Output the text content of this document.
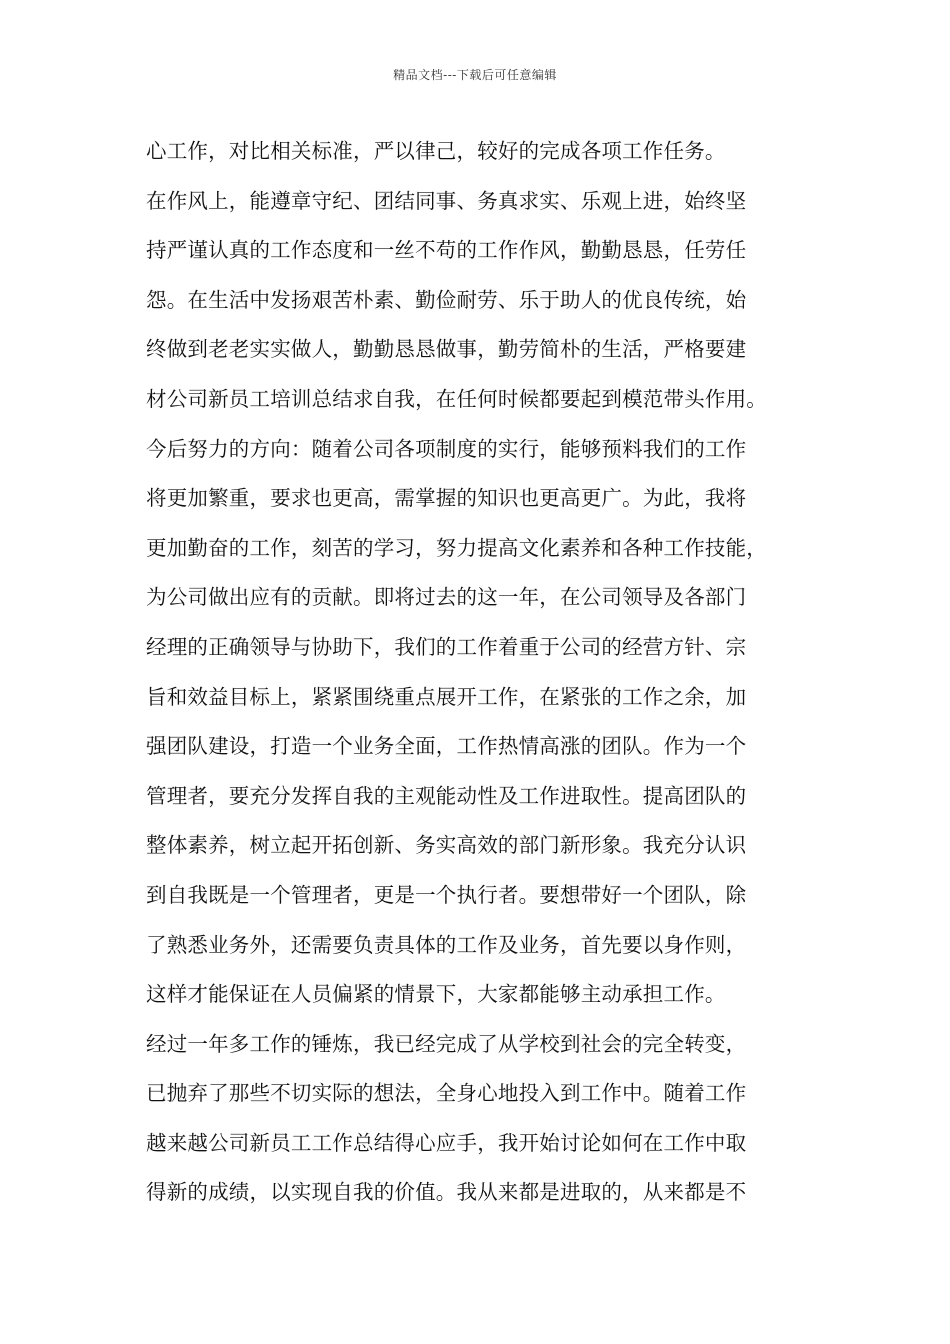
精品文档---下载后可任意编辑
心工作，对比相关标准，严以律己，较好的完成各项工作任务。
在作风上，能遵章守纪、团结同事、务真求实、乐观上进，始终坚
持严谨认真的工作态度和一丝不苟的工作作风，勤勤恳恳，任劳任
怨。在生活中发扬艰苦朴素、勤俭耐劳、乐于助人的优良传统，始
终做到老老实实做人，勤勤恳恳做事，勤劳简朴的生活，严格要建
材公司新员工培训总结求自我，在任何时候都要起到模范带头作用。
今后努力的方向：随着公司各项制度的实行，能够预料我们的工作
将更加繁重，要求也更高，需掌握的知识也更高更广。为此，我将
更加勤奋的工作，刻苦的学习，努力提高文化素养和各种工作技能，
为公司做出应有的贡献。即将过去的这一年，在公司领导及各部门
经理的正确领导与协助下，我们的工作着重于公司的经营方针、宗
旨和效益目标上，紧紧围绕重点展开工作，在紧张的工作之余，加
强团队建设，打造一个业务全面，工作热情高涨的团队。作为一个
管理者，要充分发挥自我的主观能动性及工作进取性。提高团队的
整体素养，树立起开拓创新、务实高效的部门新形象。我充分认识
到自我既是一个管理者，更是一个执行者。要想带好一个团队，除
了熟悉业务外，还需要负责具体的工作及业务，首先要以身作则，
这样才能保证在人员偏紧的情景下，大家都能够主动承担工作。
经过一年多工作的锤炼，我已经完成了从学校到社会的完全转变，
已抛弃了那些不切实际的想法，全身心地投入到工作中。随着工作
越来越公司新员工工作总结得心应手，我开始讨论如何在工作中取
得新的成绩，以实现自我的价值。我从来都是进取的，从来都是不
